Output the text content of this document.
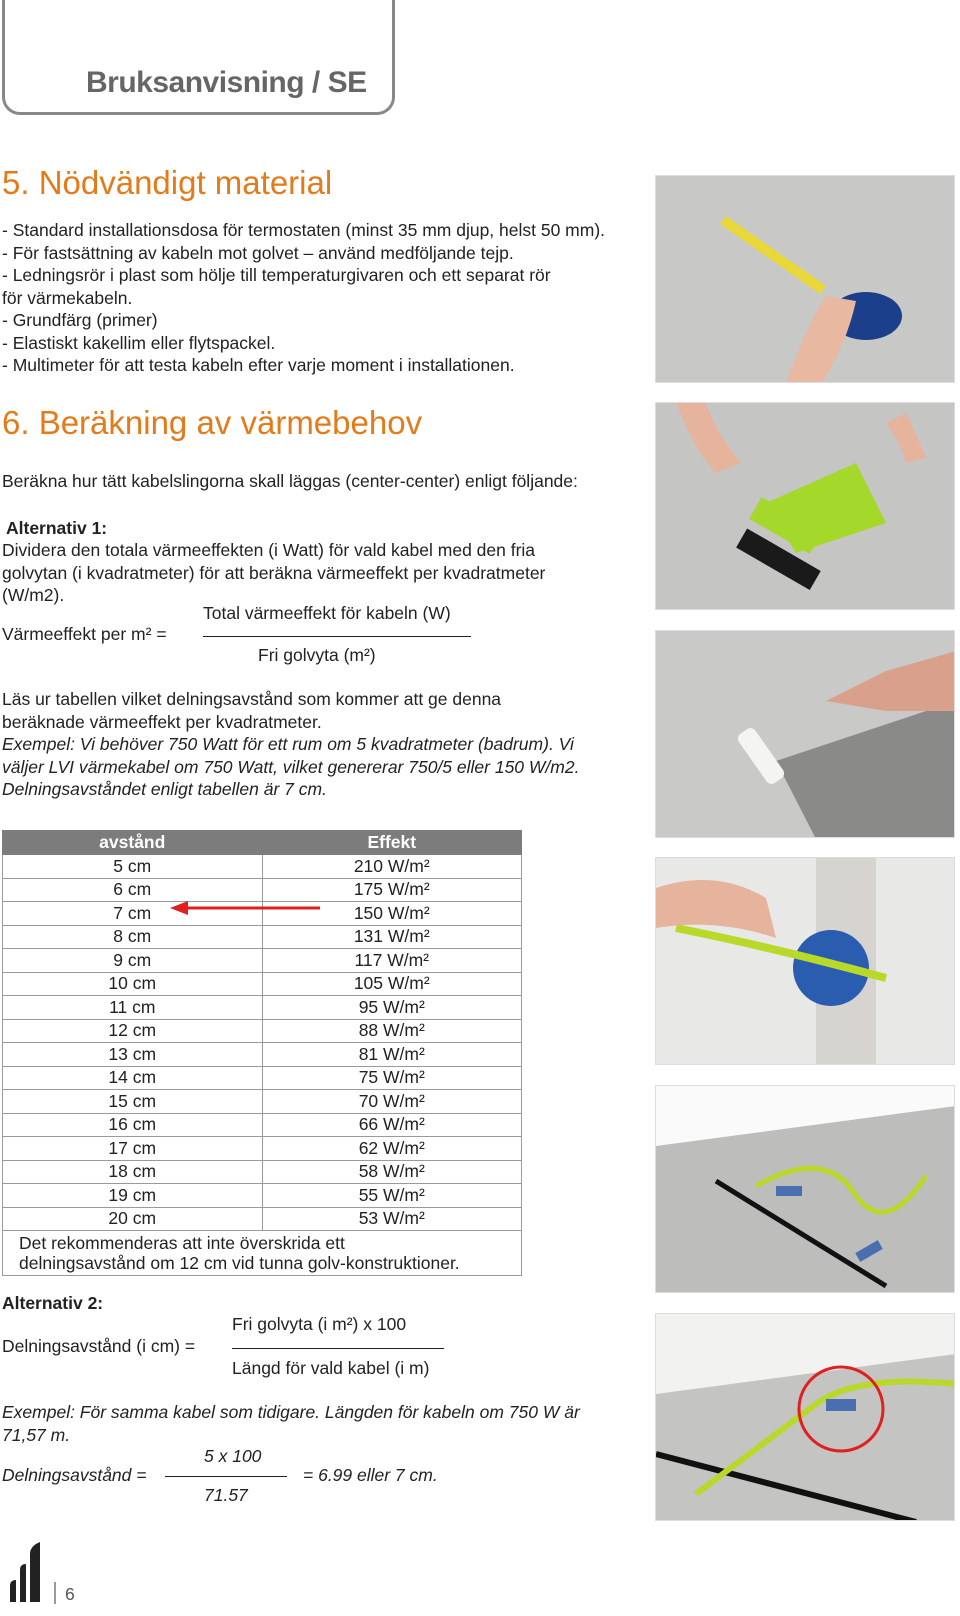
Bruksanvisning / SE
5. Nödvändigt material
- Standard installationsdosa för termostaten (minst 35 mm djup, helst 50 mm).
- För fastsättning av kabeln mot golvet – använd medföljande tejp.
- Ledningsrör i plast som hölje till temperaturgivaren och ett separat rör
för värmekabeln.
- Grundfärg (primer)
- Elastiskt kakellim eller flytspackel.
- Multimeter för att testa kabeln efter varje moment i installationen.
6. Beräkning av värmebehov
Beräkna hur tätt kabelslingorna skall läggas (center-center) enligt följande:
Alternativ 1:
Dividera den totala värmeeffekten (i Watt) för vald kabel med den fria
golvytan (i kvadratmeter) för att beräkna värmeeffekt per kvadratmeter
(W/m2).
Total värmeeffekt för kabeln (W)
Värmeeffekt per m² =
Fri golvyta (m²)
Läs ur tabellen vilket delningsavstånd som kommer att ge denna
beräknade värmeeffekt per kvadratmeter.
Exempel: Vi behöver 750 Watt för ett rum om 5 kvadratmeter (badrum). Vi
väljer LVI värmekabel om 750 Watt, vilket genererar 750/5 eller 150 W/m2.
Delningsavståndet enligt tabellen är 7 cm.
avstånd	Effekt
5 cm	210 W/m²
6 cm	175 W/m²
7 cm	150 W/m²
8 cm	131 W/m²
9 cm	117 W/m²
10 cm	105 W/m²
11 cm	95 W/m²
12 cm	88 W/m²
13 cm	81 W/m²
14 cm	75 W/m²
15 cm	70 W/m²
16 cm	66 W/m²
17 cm	62 W/m²
18 cm	58 W/m²
19 cm	55 W/m²
20 cm	53 W/m²

Det rekommenderas att inte överskrida ett
delningsavstånd om 12 cm vid tunna golv-konstruktioner.	
Alternativ 2:
Fri golvyta (i m²) x 100
Delningsavstånd (i cm) =
Längd för vald kabel (i m)
Exempel: För samma kabel som tidigare. Längden för kabeln om 750 W är
71,57 m.
5 x 100
Delningsavstånd =	= 6.99 eller 7 cm.
71.57
6
